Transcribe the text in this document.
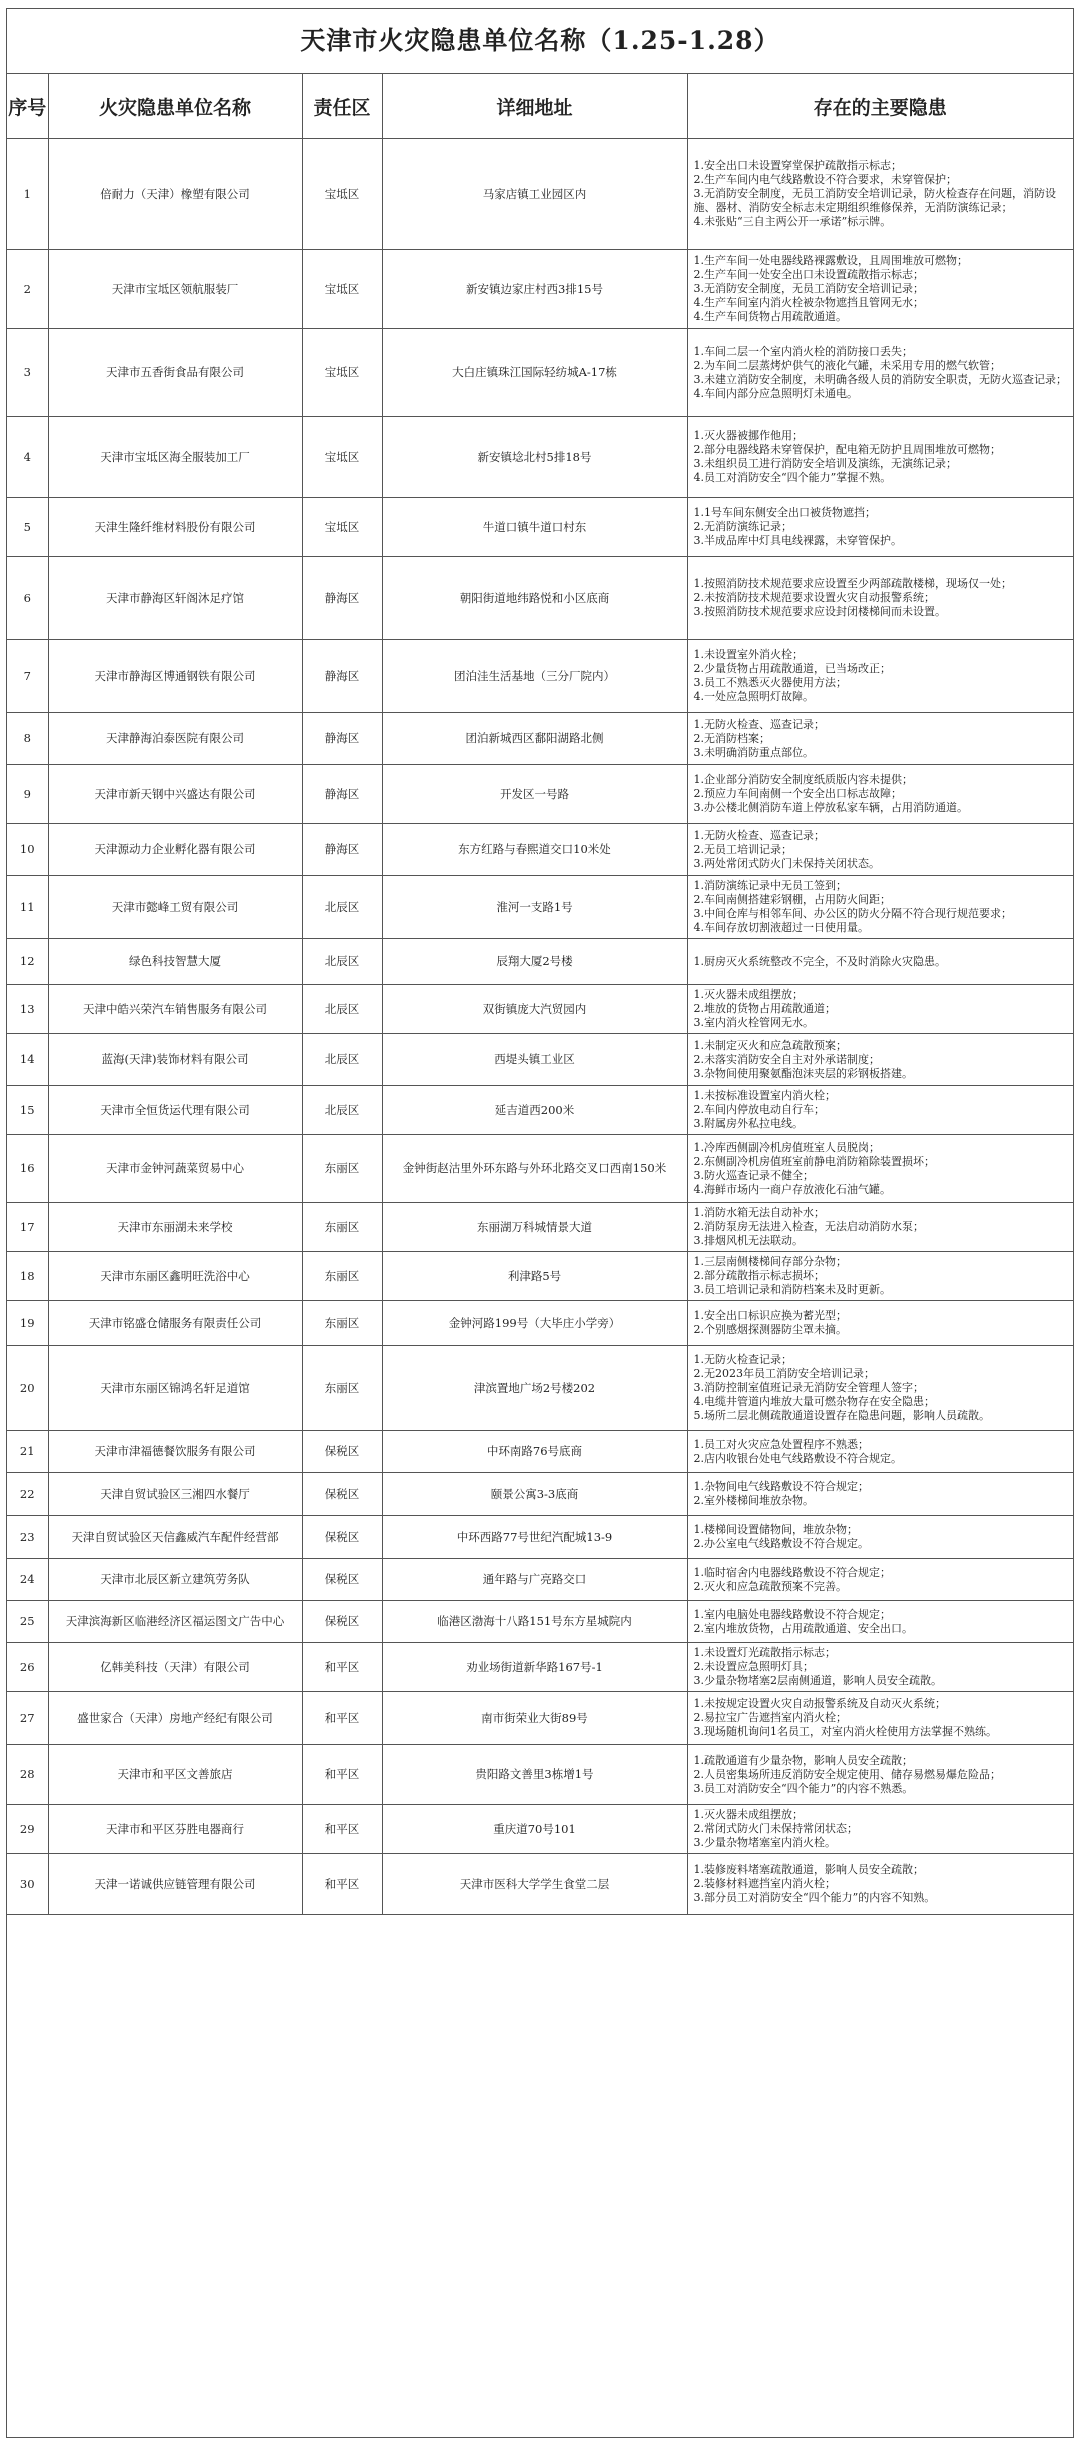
天津市火灾隐患单位名称（1.25-1.28）
序号	火灾隐患单位名称	责任区	详细地址	存在的主要隐患
1	倍耐力（天津）橡塑有限公司	宝坻区	马家店镇工业园区内	1.安全出口未设置穿堂保护疏散指示标志；
2.生产车间内电气线路敷设不符合要求，未穿管保护；
3.无消防安全制度，无员工消防安全培训记录，防火检查存在问题，消防设施、器材、消防安全标志未定期组织维修保养，无消防演练记录；
4.未张贴“三自主两公开一承诺”标示牌。

2	天津市宝坻区领航服装厂	宝坻区	新安镇边家庄村西3排15号	1.生产车间一处电器线路裸露敷设，且周围堆放可燃物；
2.生产车间一处安全出口未设置疏散指示标志；
3.无消防安全制度，无员工消防安全培训记录；
4.生产车间室内消火栓被杂物遮挡且管网无水；
4.生产车间货物占用疏散通道。

3	天津市五香街食品有限公司	宝坻区	大白庄镇珠江国际轻纺城A-17栋	1.车间二层一个室内消火栓的消防接口丢失；
2.为车间二层蒸烤炉供气的液化气罐，未采用专用的燃气软管；
3.未建立消防安全制度，未明确各级人员的消防安全职责，无防火巡查记录；
4.车间内部分应急照明灯未通电。

4	天津市宝坻区海全服装加工厂	宝坻区	新安镇埝北村5排18号	1.灭火器被挪作他用；
2.部分电器线路未穿管保护，配电箱无防护且周围堆放可燃物；
3.未组织员工进行消防安全培训及演练，无演练记录；
4.员工对消防安全“四个能力”掌握不熟。

5	天津生隆纤维材料股份有限公司	宝坻区	牛道口镇牛道口村东	1.1号车间东侧安全出口被货物遮挡；
2.无消防演练记录；
3.半成品库中灯具电线裸露，未穿管保护。

6	天津市静海区轩阁沐足疗馆	静海区	朝阳街道地纬路悦和小区底商	1.按照消防技术规范要求应设置至少两部疏散楼梯，现场仅一处；
2.未按消防技术规范要求设置火灾自动报警系统；
3.按照消防技术规范要求应设封闭楼梯间而未设置。

7	天津市静海区博通钢铁有限公司	静海区	团泊洼生活基地（三分厂院内）	1.未设置室外消火栓；
2.少量货物占用疏散通道，已当场改正；
3.员工不熟悉灭火器使用方法；
4.一处应急照明灯故障。

8	天津静海泊泰医院有限公司	静海区	团泊新城西区鄱阳湖路北侧	1.无防火检查、巡查记录；
2.无消防档案；
3.未明确消防重点部位。

9	天津市新天钢中兴盛达有限公司	静海区	开发区一号路	1.企业部分消防安全制度纸质版内容未提供；
2.预应力车间南侧一个安全出口标志故障；
3.办公楼北侧消防车道上停放私家车辆，占用消防通道。

10	天津源动力企业孵化器有限公司	静海区	东方红路与春熙道交口10米处	1.无防火检查、巡查记录；
2.无员工培训记录；
3.两处常闭式防火门未保持关闭状态。

11	天津市懿峰工贸有限公司	北辰区	淮河一支路1号	1.消防演练记录中无员工签到；
2.车间南侧搭建彩钢棚，占用防火间距；
3.中间仓库与相邻车间、办公区的防火分隔不符合现行规范要求；
4.车间存放切割液超过一日使用量。

12	绿色科技智慧大厦	北辰区	辰翔大厦2号楼	1.厨房灭火系统整改不完全，不及时消除火灾隐患。

13	天津中皓兴荣汽车销售服务有限公司	北辰区	双街镇庞大汽贸园内	1.灭火器未成组摆放；
2.堆放的货物占用疏散通道；
3.室内消火栓管网无水。

14	蓝海(天津)装饰材料有限公司	北辰区	西堤头镇工业区	1.未制定灭火和应急疏散预案；
2.未落实消防安全自主对外承诺制度；
3.杂物间使用聚氨酯泡沫夹层的彩钢板搭建。

15	天津市全恒货运代理有限公司	北辰区	延吉道西200米	1.未按标准设置室内消火栓；
2.车间内停放电动自行车；
3.附属房外私拉电线。

16	天津市金钟河蔬菜贸易中心	东丽区	金钟街赵沽里外环东路与外环北路交叉口西南150米	1.冷库西侧副冷机房值班室人员脱岗；
2.东侧副冷机房值班室前静电消防箱除装置损坏；
3.防火巡查记录不健全；
4.海鲜市场内一商户存放液化石油气罐。

17	天津市东丽湖未来学校	东丽区	东丽湖万科城情景大道	1.消防水箱无法自动补水；
2.消防泵房无法进入检查，无法启动消防水泵；
3.排烟风机无法联动。

18	天津市东丽区鑫明旺洗浴中心	东丽区	利津路5号	1.三层南侧楼梯间存部分杂物；
2.部分疏散指示标志损坏；
3.员工培训记录和消防档案未及时更新。

19	天津市铭盛仓储服务有限责任公司	东丽区	金钟河路199号（大毕庄小学旁）	1.安全出口标识应换为蓄光型；
2.个别感烟探测器防尘罩未摘。

20	天津市东丽区锦鸿名轩足道馆	东丽区	津滨置地广场2号楼202	1.无防火检查记录；
2.无2023年员工消防安全培训记录；
3.消防控制室值班记录无消防安全管理人签字；
4.电缆井管道内堆放大量可燃杂物存在安全隐患；
5.场所二层北侧疏散通道设置存在隐患问题，影响人员疏散。

21	天津市津福德餐饮服务有限公司	保税区	中环南路76号底商	1.员工对火灾应急处置程序不熟悉；
2.店内收银台处电气线路敷设不符合规定。

22	天津自贸试验区三湘四水餐厅	保税区	颐景公寓3-3底商	1.杂物间电气线路敷设不符合规定；
2.室外楼梯间堆放杂物。

23	天津自贸试验区天信鑫威汽车配件经营部	保税区	中环西路77号世纪汽配城13-9	1.楼梯间设置储物间，堆放杂物；
2.办公室电气线路敷设不符合规定。

24	天津市北辰区新立建筑劳务队	保税区	通年路与广亮路交口	1.临时宿舍内电器线路敷设不符合规定；
2.灭火和应急疏散预案不完善。

25	天津滨海新区临港经济区福运图文广告中心	保税区	临港区渤海十八路151号东方星城院内	1.室内电脑处电器线路敷设不符合规定；
2.室内堆放货物，占用疏散通道、安全出口。

26	亿韩美科技（天津）有限公司	和平区	劝业场街道新华路167号-1	1.未设置灯光疏散指示标志；
2.未设置应急照明灯具；
3.少量杂物堵塞2层南侧通道，影响人员安全疏散。

27	盛世家合（天津）房地产经纪有限公司	和平区	南市街荣业大街89号	1.未按规定设置火灾自动报警系统及自动灭火系统；
2.易拉宝广告遮挡室内消火栓；
3.现场随机询问1名员工，对室内消火栓使用方法掌握不熟练。

28	天津市和平区文善旅店	和平区	贵阳路文善里3栋增1号	1.疏散通道有少量杂物，影响人员安全疏散；
2.人员密集场所违反消防安全规定使用、储存易燃易爆危险品；
3.员工对消防安全“四个能力”的内容不熟悉。

29	天津市和平区芬胜电器商行	和平区	重庆道70号101	1.灭火器未成组摆放；
2.常闭式防火门未保持常闭状态；
3.少量杂物堵塞室内消火栓。

30	天津一诺诚供应链管理有限公司	和平区	天津市医科大学学生食堂二层	1.装修废料堵塞疏散通道，影响人员安全疏散；
2.装修材料遮挡室内消火栓；
3.部分员工对消防安全“四个能力”的内容不知熟。
